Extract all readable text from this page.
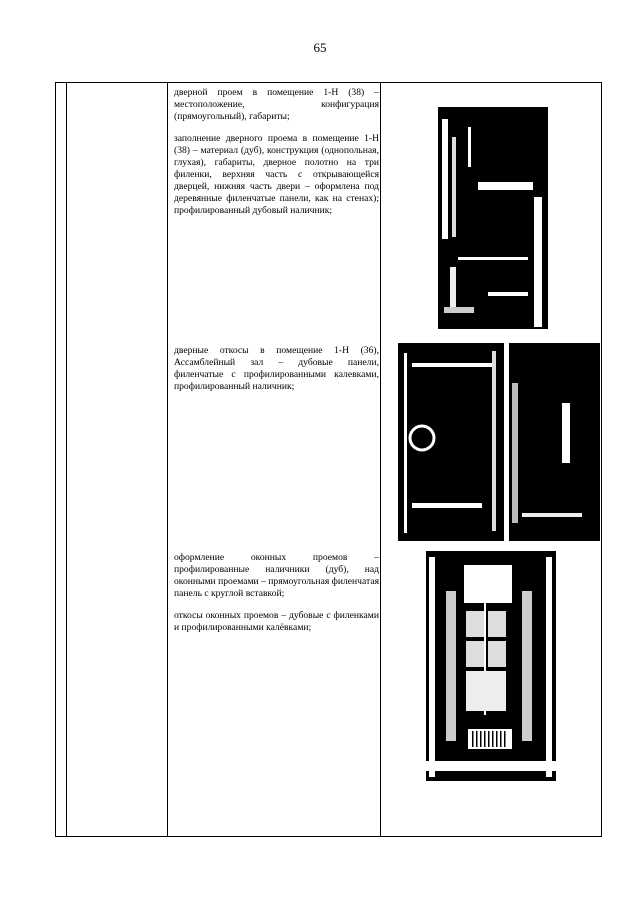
65

дверной проем в помещение 1-Н (38) – местоположение, конфигурация (прямоугольный), габариты;

заполнение дверного проема в помещение 1-Н (38) – материал (дуб), конструкция (однопольная, глухая), габариты, дверное полотно на три филенки, верхняя часть с открывающейся дверцей, нижняя часть двери – оформлена под деревянные филенчатые панели, как на стенах); профилированный дубовый наличник;

дверные откосы в помещение 1-Н (36), Ассамблейный зал – дубовые панели, филенчатые с профилированными калевками, профилированный наличник;

оформление оконных проемов – профилированные наличники (дуб), над оконными проемами – прямоугольная филенчатая панель с круглой вставкой;

откосы оконных проемов – дубовые с филенками и профилированными калёвками;
